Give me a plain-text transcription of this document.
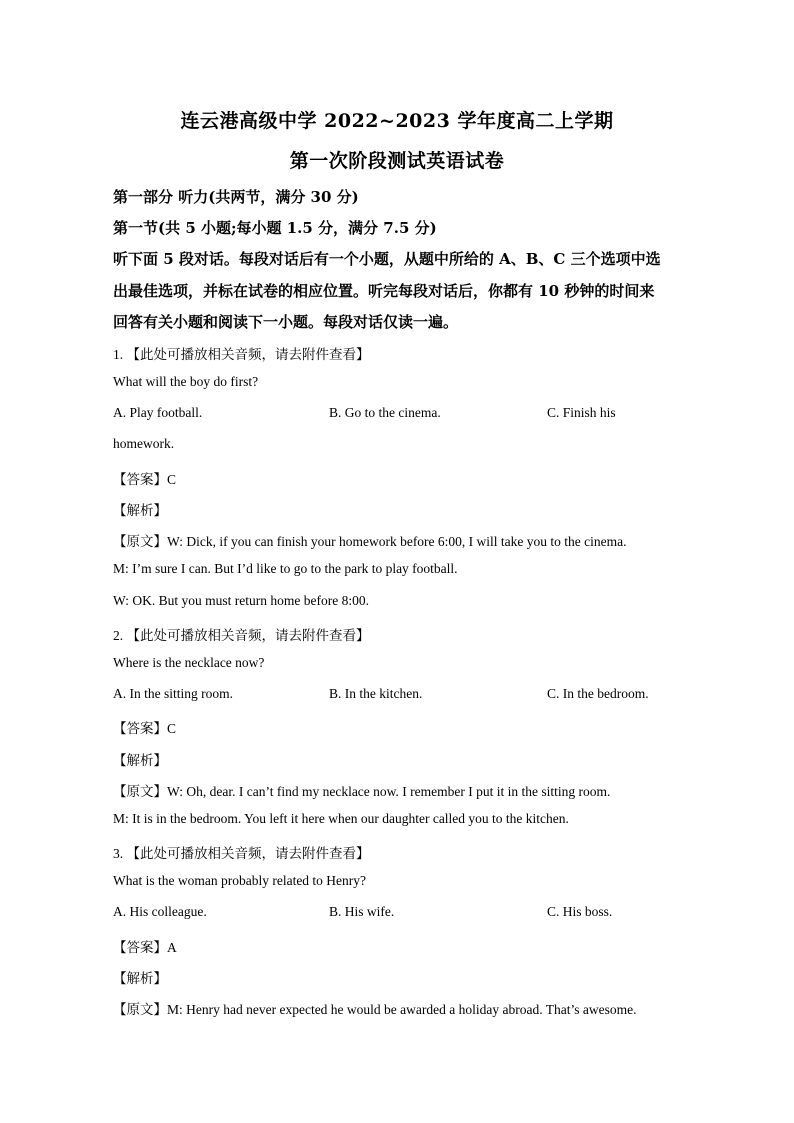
连云港高级中学 2022~2023 学年度高二上学期
第一次阶段测试英语试卷
第一部分 听力(共两节，满分 30 分)
第一节(共 5 小题;每小题 1.5 分，满分 7.5 分)
听下面 5 段对话。每段对话后有一个小题，从题中所给的 A、B、C 三个选项中选
出最佳选项，并标在试卷的相应位置。听完每段对话后，你都有 10 秒钟的时间来
回答有关小题和阅读下一小题。每段对话仅读一遍。
1. 【此处可播放相关音频，请去附件查看】
What will the boy do first?
A. Play football.	B. Go to the cinema.	C. Finish his
homework.
【答案】C
【解析】
【原文】W: Dick, if you can finish your homework before 6:00, I will take you to the cinema.
M: I’m sure I can. But I’d like to go to the park to play football.
W: OK. But you must return home before 8:00.
2. 【此处可播放相关音频，请去附件查看】
Where is the necklace now?
A. In the sitting room.	B. In the kitchen.	C. In the bedroom.
【答案】C
【解析】
【原文】W: Oh, dear. I can’t find my necklace now. I remember I put it in the sitting room.
M: It is in the bedroom. You left it here when our daughter called you to the kitchen.
3. 【此处可播放相关音频，请去附件查看】
What is the woman probably related to Henry?
A. His colleague.	B. His wife.	C. His boss.
【答案】A
【解析】
【原文】M: Henry had never expected he would be awarded a holiday abroad. That’s awesome.
